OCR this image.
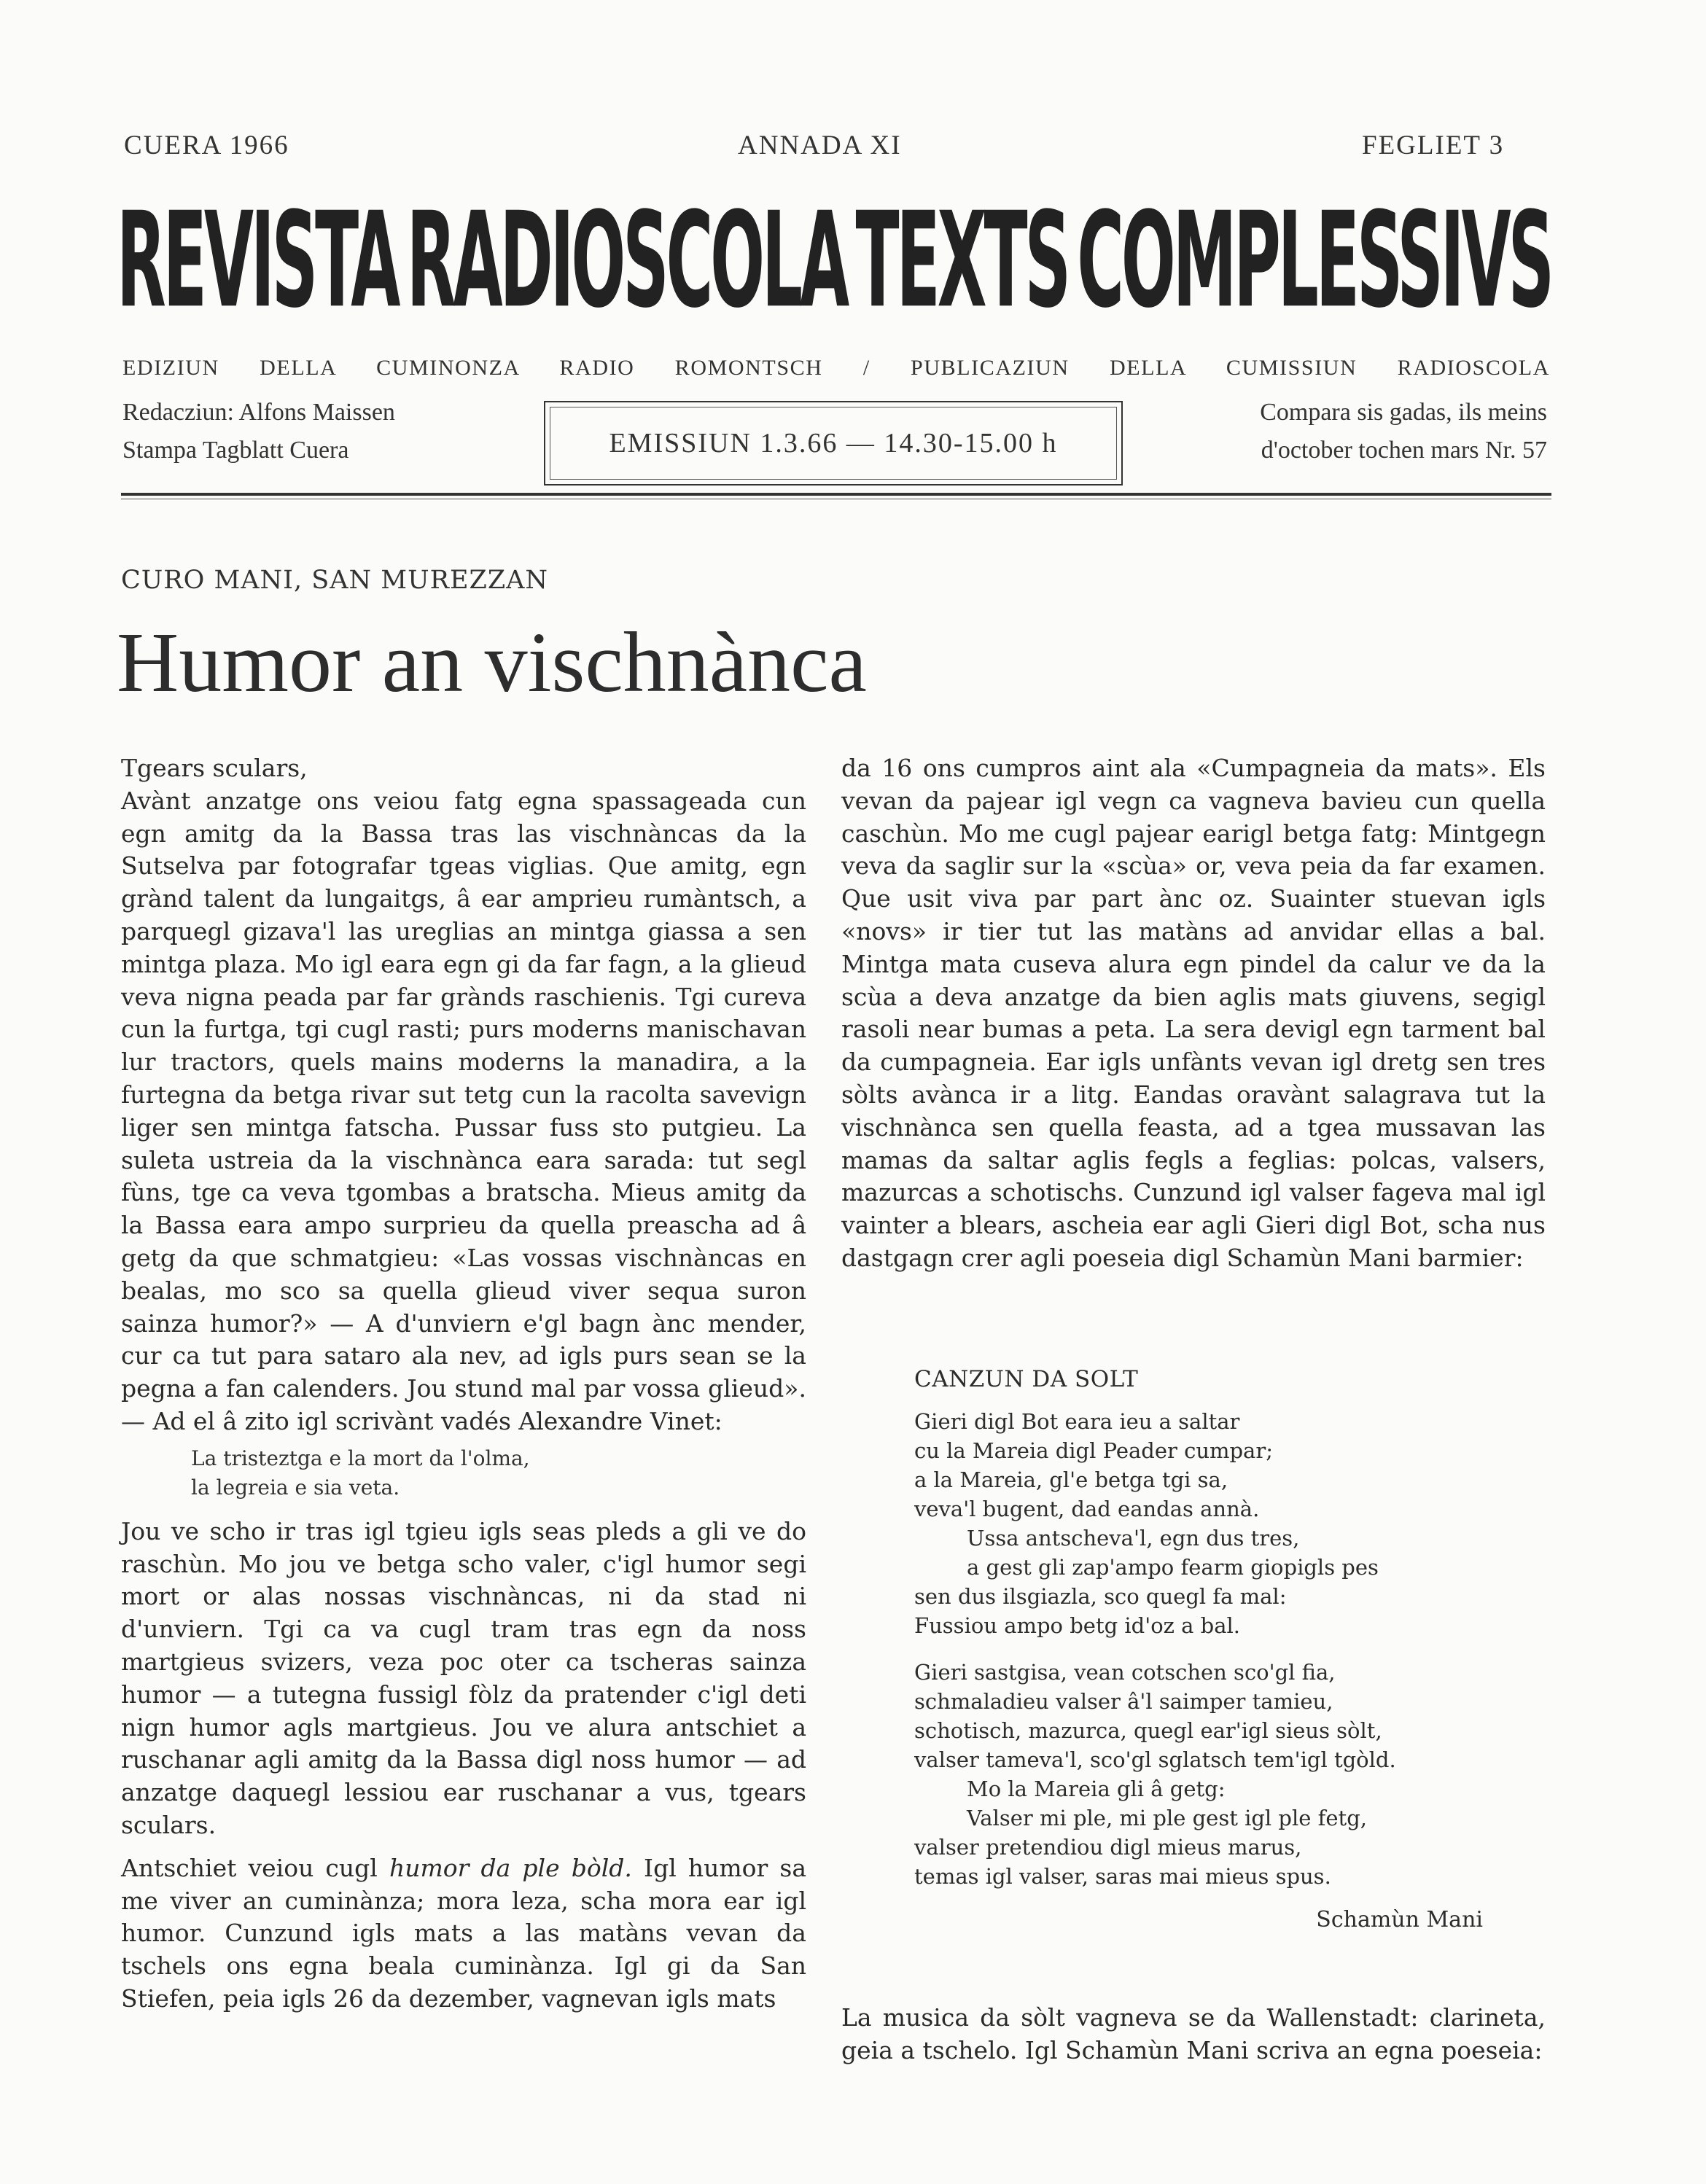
CUERA 1966	ANNADA XI	FEGLIET 3
REVISTA RADIOSCOLA TEXTS COMPLESSIVS
EDIZIUN DELLA CUMINONZA RADIO ROMONTSCH / PUBLICAZIUN DELLA CUMISSIUN RADIOSCOLA
Redacziun: Alfons Maissen
Stampa Tagblatt Cuera	EMISSIUN 1.3.66 — 14.30-15.00 h
Compara sis gadas, ils meins
d'october tochen mars Nr. 57
CURO MANI, SAN MUREZZAN
Humor an vischnànca

Tgears sculars,

Avànt anzatge ons veiou fatg egna spassageada cun egn amitg da la Bassa tras las vischnàncas da la Sutselva par fotografar tgeas viglias. Que amitg, egn grànd talent da lungaitgs, â ear amprieu rumàntsch, a parquegl gizava'l las ureglias an mintga giassa a sen mintga plaza. Mo igl eara egn gi da far fagn, a la glieud veva nigna peada par far grànds raschienis. Tgi cureva cun la furtga, tgi cugl rasti; purs moderns manischavan lur tractors, quels mains moderns la manadira, a la furtegna da betga rivar sut tetg cun la racolta savevign liger sen mintga fatscha. Pussar fuss sto putgieu. La suleta ustreia da la vischnànca eara sarada: tut segl fùns, tge ca veva tgombas a bratscha. Mieus amitg da la Bassa eara ampo surprieu da quella preascha ad â getg da que schmatgieu: «Las vossas vischnàncas en bealas, mo sco sa quella glieud viver sequa suron sainza humor?» — A d'unviern e'gl bagn ànc mender, cur ca tut para sataro ala nev, ad igls purs sean se la pegna a fan calenders. Jou stund mal par vossa glieud». — Ad el â zito igl scrivànt vadés Alexandre Vinet:

La tristeztga e la mort da l'olma,
la legreia e sia veta.

Jou ve scho ir tras igl tgieu igls seas pleds a gli ve do raschùn. Mo jou ve betga scho valer, c'igl humor segi mort or alas nossas vischnàncas, ni da stad ni d'unviern. Tgi ca va cugl tram tras egn da noss martgieus svizers, veza poc oter ca tscheras sainza humor — a tutegna fussigl fòlz da pratender c'igl deti nign humor agls martgieus. Jou ve alura antschiet a ruschanar agli amitg da la Bassa digl noss humor — ad anzatge daquegl lessiou ear ruschanar a vus, tgears sculars.

Antschiet veiou cugl humor da ple bòld. Igl humor sa me viver an cuminànza; mora leza, scha mora ear igl humor. Cunzund igls mats a las matàns vevan da tschels ons egna beala cuminànza. Igl gi da San Stiefen, peia igls 26 da dezember, vagnevan igls mats

da 16 ons cumpros aint ala «Cumpagneia da mats». Els vevan da pajear igl vegn ca vagneva bavieu cun quella caschùn. Mo me cugl pajear earigl betga fatg: Mintgegn veva da saglir sur la «scùa» or, veva peia da far examen. Que usit viva par part ànc oz. Suainter stuevan igls «novs» ir tier tut las matàns ad anvidar ellas a bal. Mintga mata cuseva alura egn pindel da calur ve da la scùa a deva anzatge da bien aglis mats giuvens, segigl rasoli near bumas a peta. La sera devigl egn tarment bal da cumpagneia. Ear igls unfànts vevan igl dretg sen tres sòlts avànca ir a litg. Eandas oravànt salagrava tut la vischnànca sen quella feasta, ad a tgea mussavan las mamas da saltar aglis fegls a feglias: polcas, valsers, mazurcas a schotischs. Cunzund igl valser fageva mal igl vainter a blears, ascheia ear agli Gieri digl Bot, scha nus dastgagn crer agli poeseia digl Schamùn Mani barmier:

CANZUN DA SOLT
Gieri digl Bot eara ieu a saltar
cu la Mareia digl Peader cumpar;
a la Mareia, gl'e betga tgi sa,
veva'l bugent, dad eandas annà.
Ussa antscheva'l, egn dus tres,
a gest gli zap'ampo fearm giopigls pes
sen dus ilsgiazla, sco quegl fa mal:
Fussiou ampo betg id'oz a bal.
Gieri sastgisa, vean cotschen sco'gl fia,
schmaladieu valser â'l saimper tamieu,
schotisch, mazurca, quegl ear'igl sieus sòlt,
valser tameva'l, sco'gl sglatsch tem'igl tgòld.
Mo la Mareia gli â getg:
Valser mi ple, mi ple gest igl ple fetg,
valser pretendiou digl mieus marus,
temas igl valser, saras mai mieus spus.
Schamùn Mani

La musica da sòlt vagneva se da Wallenstadt: clarineta, geia a tschelo. Igl Schamùn Mani scriva an egna poeseia:
